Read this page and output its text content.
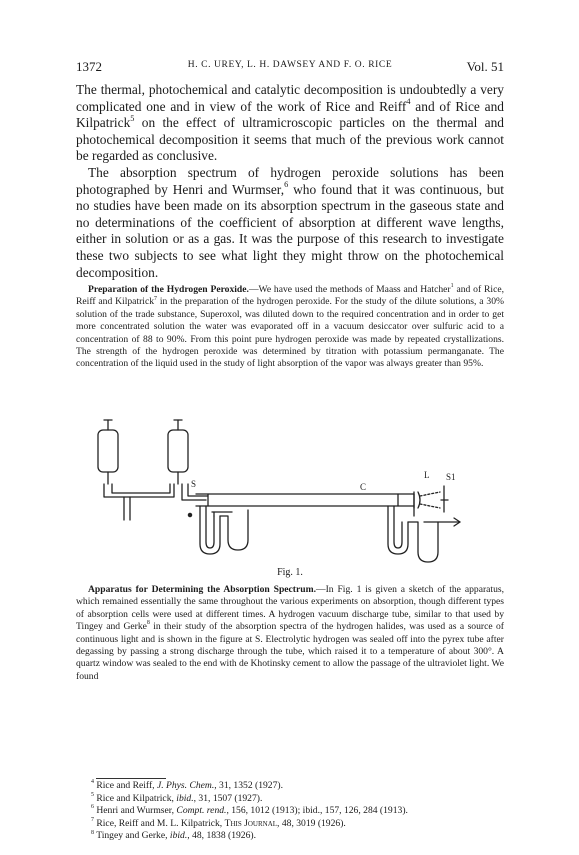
1372	H. C. UREY, L. H. DAWSEY AND F. O. RICE	Vol. 51

The thermal, photochemical and catalytic decomposition is undoubtedly a very complicated one and in view of the work of Rice and Reiff$^4$ and of Rice and Kilpatrick$^5$ on the effect of ultramicroscopic particles on the thermal and photochemical decomposition it seems that much of the previous work cannot be regarded as conclusive.

The absorption spectrum of hydrogen peroxide solutions has been photographed by Henri and Wurmser,$^6$ who found that it was continuous, but no studies have been made on its absorption spectrum in the gaseous state and no determinations of the coefficient of absorption at different wave lengths, either in solution or as a gas. It was the purpose of this research to investigate these two subjects to see what light they might throw on the photochemical decomposition.

Preparation of the Hydrogen Peroxide.—We have used the methods of Maass and Hatcher$^1$ and of Rice, Reiff and Kilpatrick$^7$ in the preparation of the hydrogen peroxide. For the study of the dilute solutions, a 30% solution of the trade substance, Superoxol, was diluted down to the required concentration and in order to get more concentrated solution the water was evaporated off in a vacuum desiccator over sulfuric acid to a concentration of 88 to 90%. From this point pure hydrogen peroxide was made by repeated crystallizations. The strength of the hydrogen peroxide was determined by titration with potassium permanganate. The concentration of the liquid used in the study of light absorption of the vapor was always greater than 95%.

S	C
L S1
Fig. 1.

Apparatus for Determining the Absorption Spectrum.—In Fig. 1 is given a sketch of the apparatus, which remained essentially the same throughout the various experiments on absorption, though different types of absorption cells were used at different times. A hydrogen vacuum discharge tube, similar to that used by Tingey and Gerke$^8$ in their study of the absorption spectra of the hydrogen halides, was used as a source of continuous light and is shown in the figure at S. Electrolytic hydrogen was sealed off into the pyrex tube after degassing by passing a strong discharge through the tube, which raised it to a temperature of about 300°. A quartz window was sealed to the end with de Khotinsky cement to allow the passage of the ultraviolet light. We found

$^4$ Rice and Reiff, J. Phys. Chem., 31, 1352 (1927).
$^5$ Rice and Kilpatrick, ibid., 31, 1507 (1927).
$^6$ Henri and Wurmser, Compt. rend., 156, 1012 (1913); ibid., 157, 126, 284 (1913).
$^7$ Rice, Reiff and M. L. Kilpatrick, This Journal, 48, 3019 (1926).
$^8$ Tingey and Gerke, ibid., 48, 1838 (1926).
